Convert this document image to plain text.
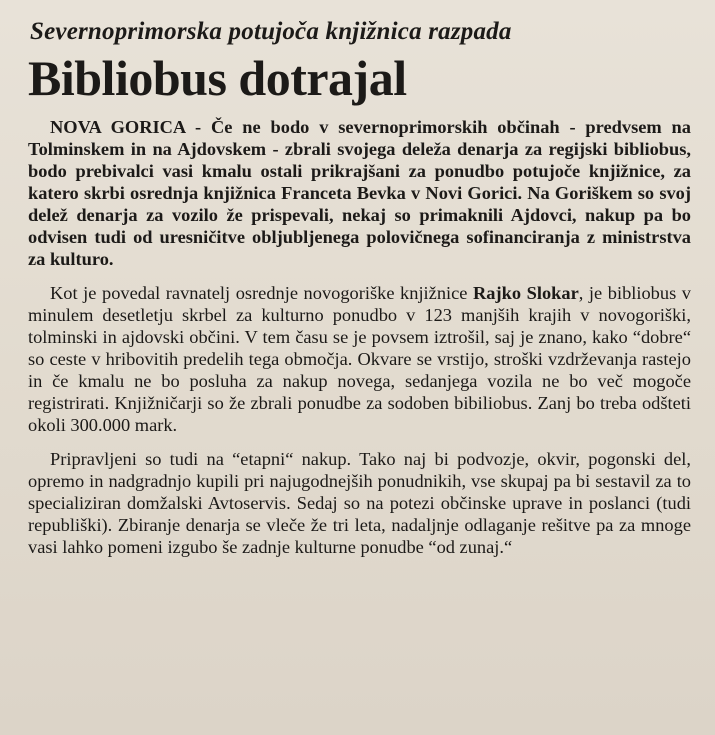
Severnoprimorska potujoča knjižnica razpada
Bibliobus dotrajal

NOVA GORICA - Če ne bodo v severnoprimorskih občinah - predvsem na Tolminskem in na Ajdovskem - zbrali svojega deleža denarja za regijski bibliobus, bodo prebivalci vasi kmalu ostali prikrajšani za ponudbo potujoče knjižnice, za katero skrbi osrednja knjižnica Franceta Bevka v Novi Gorici. Na Goriškem so svoj delež denarja za vozilo že prispevali, nekaj so primaknili Ajdovci, nakup pa bo odvisen tudi od uresničitve obljubljenega polovičnega sofinanciranja z ministrstva za kulturo.

Kot je povedal ravnatelj osrednje novogoriške knjižnice Rajko Slokar, je bibliobus v minulem desetletju skrbel za kulturno ponudbo v 123 manjših krajih v novogoriški, tolminski in ajdovski občini. V tem času se je povsem iztrošil, saj je znano, kako “dobre“ so ceste v hribovitih predelih tega območja. Okvare se vrstijo, stroški vzdrževanja rastejo in če kmalu ne bo posluha za nakup novega, sedanjega vozila ne bo več mogoče registrirati. Knjižničarji so že zbrali ponudbe za sodoben bibiliobus. Zanj bo treba odšteti okoli 300.000 mark.

Pripravljeni so tudi na “etapni“ nakup. Tako naj bi podvozje, okvir, pogonski del, opremo in nadgradnjo kupili pri najugodnejših ponudnikih, vse skupaj pa bi sestavil za to specializiran domžalski Avtoservis. Sedaj so na potezi občinske uprave in poslanci (tudi republiški). Zbiranje denarja se vleče že tri leta, nadaljnje odlaganje rešitve pa za mnoge vasi lahko pomeni izgubo še zadnje kulturne ponudbe “od zunaj.“
